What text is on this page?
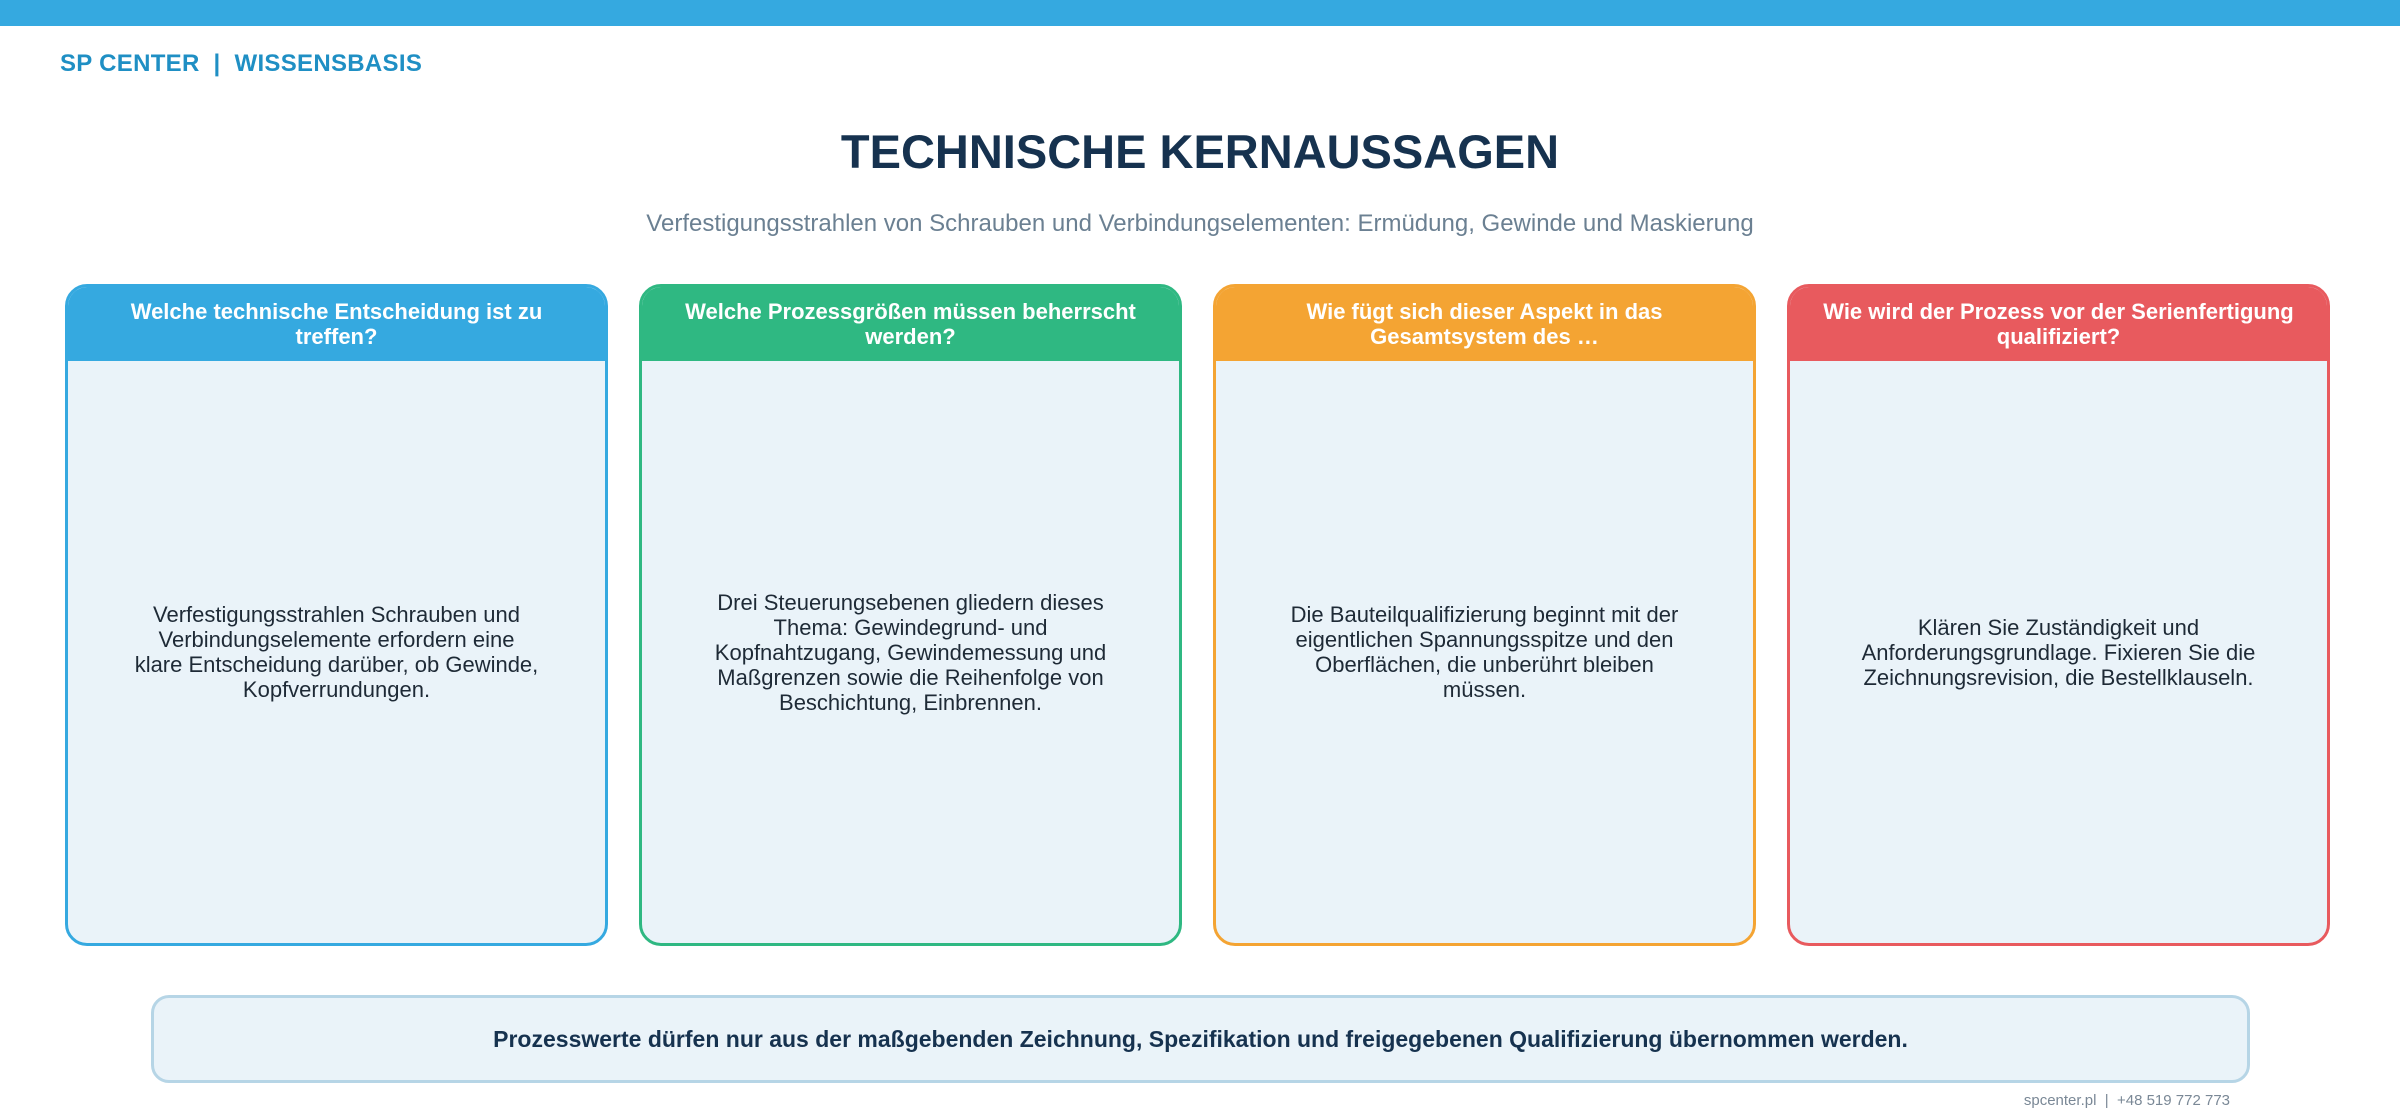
SP CENTER  |  WISSENSBASIS
TECHNISCHE KERNAUSSAGEN
Verfestigungsstrahlen von Schrauben und Verbindungselementen: Ermüdung, Gewinde und Maskierung
Welche technische Entscheidung ist zu treffen?
Verfestigungsstrahlen Schrauben und Verbindungselemente erfordern eine klare Entscheidung darüber, ob Gewinde, Kopfverrundungen.
Welche Prozessgrößen müssen beherrscht werden?
Drei Steuerungsebenen gliedern dieses Thema: Gewindegrund- und Kopfnahtzugang, Gewindemessung und Maßgrenzen sowie die Reihenfolge von Beschichtung, Einbrennen.
Wie fügt sich dieser Aspekt in das Gesamtsystem des …
Die Bauteilqualifizierung beginnt mit der eigentlichen Spannungsspitze und den Oberflächen, die unberührt bleiben müssen.
Wie wird der Prozess vor der Serienfertigung qualifiziert?
Klären Sie Zuständigkeit und Anforderungsgrundlage. Fixieren Sie die Zeichnungsrevision, die Bestellklauseln.
Prozesswerte dürfen nur aus der maßgebenden Zeichnung, Spezifikation und freigegebenen Qualifizierung übernommen werden.
spcenter.pl  |  +48 519 772 773
